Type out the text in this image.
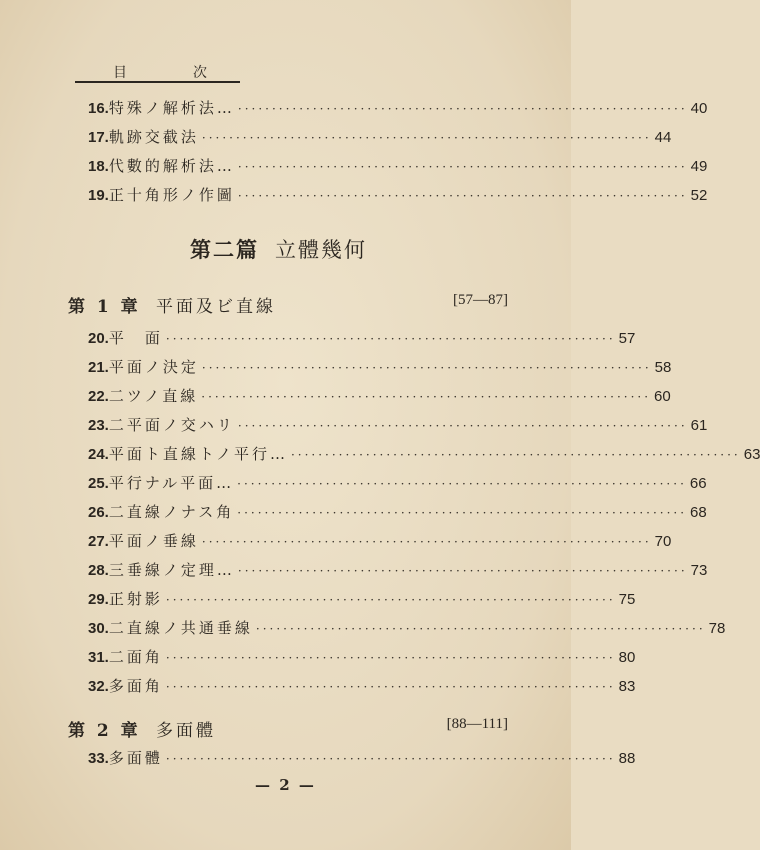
目	次
16. 特殊ノ解析法… ·································································· 40
17. 軌跡交截法 ·································································· 44
18. 代數的解析法… ·································································· 49
19. 正十角形ノ作圖 ·································································· 52
第二篇 立體幾何
第 1 章 平面及ビ直線	[57—87]
20. 平　面 ·································································· 57
21. 平面ノ決定 ·································································· 58
22. 二ツノ直線 ·································································· 60
23. 二平面ノ交ハリ ·································································· 61
24. 平面ト直線トノ平行… ·································································· 63
25. 平行ナル平面… ·································································· 66
26. 二直線ノナス角 ·································································· 68
27. 平面ノ垂線 ·································································· 70
28. 三垂線ノ定理… ·································································· 73
29. 正射影 ·································································· 75
30. 二直線ノ共通垂線 ·································································· 78
31. 二面角 ·································································· 80
32. 多面角 ·································································· 83
第 2 章 多面體	[88—111]
33. 多面體 ·································································· 88
— 2 —
